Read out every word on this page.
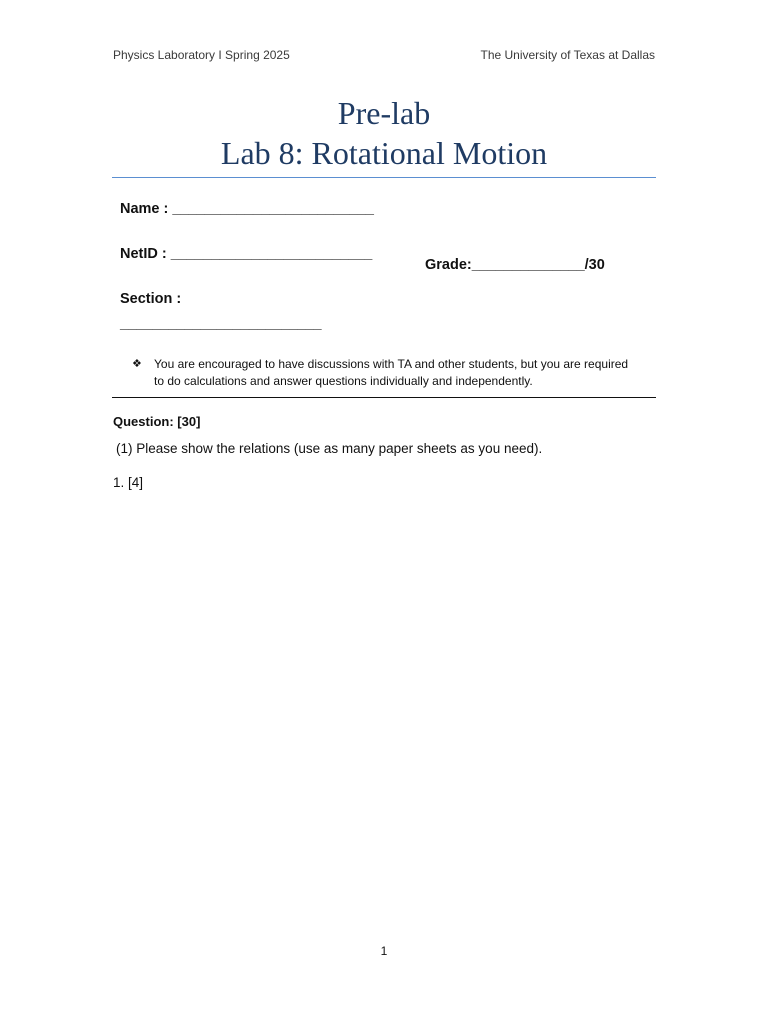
Physics Laboratory I Spring 2025	The University of Texas at Dallas
Pre-lab
Lab 8: Rotational Motion
Name : _________________________
NetID : _________________________
Grade:______________/30
Section :
_________________________
❖ You are encouraged to have discussions with TA and other students, but you are required to do calculations and answer questions individually and independently.
Question: [30]
(1) Please show the relations (use as many paper sheets as you need).
1. [4]
1
